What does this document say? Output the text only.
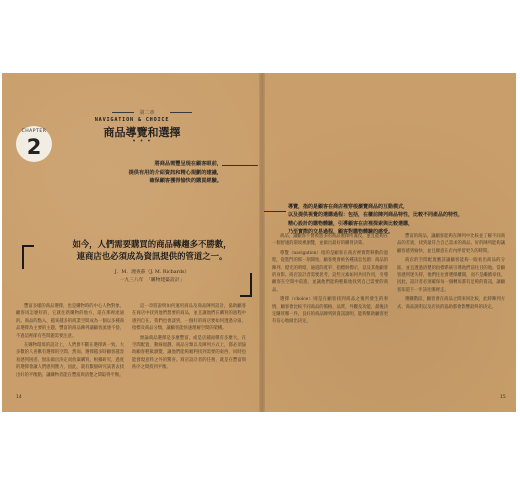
CHAPTER
2
第二章
NAVIGATION & CHOICE
商品導覽和選擇
• • •
將商品需豐呈現在顧客眼前，
提供有用的介紹資訊和精心規劃的建議，
確保顧客獲得愉快的購買經驗。
如今，人們需要購買的商品轉趨多不勝數，
連商店也必須成為資訊提供的管道之一。
J．M．理查茲（J. M. Richards）
一九三八年　「購物建築設計」

豐富多樣的商品選擇，也是購物時的中心人物對象，顧客再怎麼好的，它就往新購物的地方，還在那裡流通的。商品的點入，越來越多的商業空間成為一個以多種商品選擇為主要的主題，豐富的商品陳列讓顧客流連不捨，不過這裡卻有些問題需要注意。

在購物環境的設計上，人們會不斷在選擇與一致。大多數的人喜歡有選擇的空間，然而，選擇越多時顧客越容易感到困惑，無法做出決定而放棄購買。根據研究，過度的選擇會讓人們感到壓力，因此，就有數個研究試著去找出好的平衡點，讓購物者能在豐富與清楚之間取得平衡。

這一章將說明如何運用商品及商品陳列設計，協助顧客在商店中找到他們想要的商品，並且讓他們在購買的過程中感到自在。我們也會談到，一個好的商店要如何透過分區、指標及商品分類，讓顧客能快速理解空間的架構。

無論商品選擇是多麼豐富，或是店鋪面積有多麼大，在空間配置、動線規劃、商品分類以及陳列方式上，都必須協助顧客輕鬆瀏覽，讓他們能夠順利找到需要的東西，同時也能發現意料之外的驚喜。商店設計者的任務，就是在豐富與秩序之間找到平衡。

14
導覽，指的是顧客在商店裡穿梭瀏覽商品的互動模式，
以及提供視覺的選購過程：包括，在櫃前陳列商品特性，比較不同產品的特性，
精心設計的購物體驗，引導顧客在店裡探索與比較選購，
乃至實際的交易過程，顧客對購物體驗的感受。

商品、讓顧客不會被過多的商品選擇所淹沒，並且能夠在一個舒適的環境裡瀏覽，並做出最好的購買決策。

導覽（navigation）指的是顧客在商店裡實際移動的過程，從進門的那一刻開始，顧客便會被各種訊息包圍：商品的陳列、燈光的明暗、通道的寬窄、指標與標示，以及其他顧客的身影。商店設計者需要思考，這些元素如何共同作用，引導顧客在空間中前進，並讓他們能夠輕鬆地找到自己需要的商品。

選擇（choice）則是在顧客找到商品之後所發生的事情，顧客會比較不同商品的價格、品質、外觀及功能，最後決定購買哪一件。良好的商品陳列與資訊說明，能夠幫助顧客更有信心地做出決定。

豐富的商品，讓顧客能夠在陳列中比較並了解不同商品的差異，找到最符合自己需求的商品。好的陳列能夠讓顧客感到愉快，並且願意在店內停留更久的時間。

商店的空間配置應該讓顧客能夠一眼看出商品的分區，並且透過清楚的指標系統引導他們前往目的地。當顧客感到迷失時，他們往往會選擇離開，而不是繼續尋找。因此，設計者必須確保每一個轉角都有足夠的資訊，讓顧客知道下一步該往哪裡走。

選購階段，顧客會在商品之間來回比較，此時陳列方式、商品說明以及店員的協助都會影響最終的決定。

15
